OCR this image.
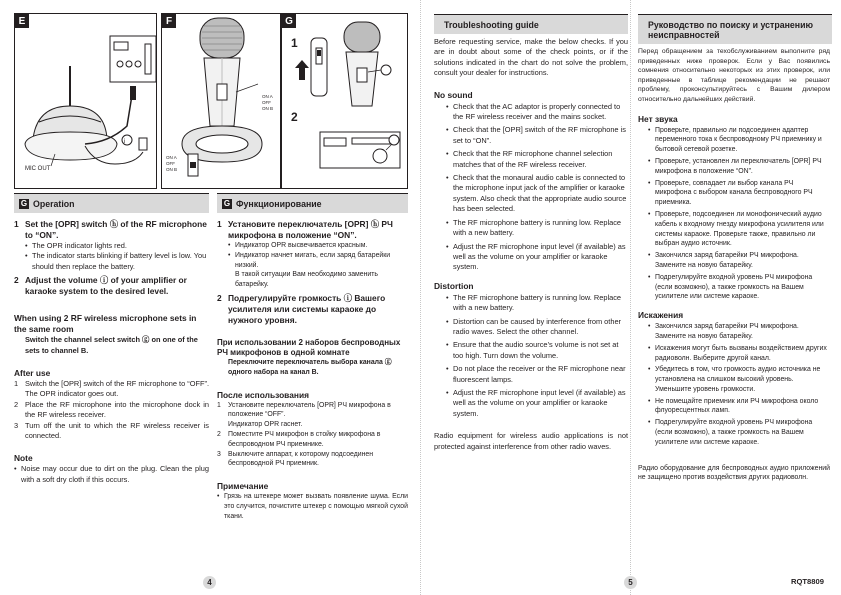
E
i
MIC OUT
F
ON A
OFF
ON B
ON A
OFF
ON B
G
1
2
G Operation
1 Set the [OPR] switch ⓗ of the RF microphone to “ON”.
• The OPR indicator lights red.
• The indicator starts blinking if battery level is low. You should then replace the battery.
2 Adjust the volume ⓘ of your amplifier or karaoke system to the desired level.
When using 2 RF wireless microphone sets in the same room
Switch the channel select switch ⓖ on one of the sets to channel B.
After use
1 Switch the [OPR] switch of the RF microphone to “OFF”.
The OPR indicator goes out.
2 Place the RF microphone into the microphone dock in the RF wireless receiver.
3 Turn off the unit to which the RF wireless receiver is connected.
Note
• Noise may occur due to dirt on the plug. Clean the plug with a soft dry cloth if this occurs.
G Функционирование
1 Установите переключатель [OPR] ⓗ РЧ микрофона в положение “ON”.
• Индикатор OPR высвечивается красным.
• Индикатор начнет мигать, если заряд батарейки низкий.
В такой ситуации Вам необходимо заменить батарейку.
2 Подрегулируйте громкость ⓘ Вашего усилителя или системы караоке до нужного уровня.
При использовании 2 наборов беспроводных РЧ микрофонов в одной комнате
Переключите переключатель выбора канала ⓖ одного набора на канал B.
После использования
1 Установите переключатель [OPR] РЧ микрофона в положение “OFF”.
Индикатор OPR гаснет.
2 Поместите РЧ микрофон в стойку микрофона в беспроводном РЧ приемнике.
3 Выключите аппарат, к которому подсоединен беспроводной РЧ приемник.
Примечание
• Грязь на штекере может вызвать появление шума. Если это случится, почистите штекер с помощью мягкой сухой ткани.
Troubleshooting guide
Before requesting service, make the below checks. If you are in doubt about some of the check points, or if the solutions indicated in the chart do not solve the problem, consult your dealer for instructions.
No sound
• Check that the AC adaptor is properly connected to the RF wireless receiver and the mains socket.
• Check that the [OPR] switch of the RF microphone is set to “ON”.
• Check that the RF microphone channel selection matches that of the RF wireless receiver.
• Check that the monaural audio cable is connected to the microphone input jack of the amplifier or karaoke system. Also check that the appropriate audio source has been selected.
• The RF microphone battery is running low. Replace with a new battery.
• Adjust the RF microphone input level (if available) as well as the volume on your amplifier or karaoke system.
Distortion
• The RF microphone battery is running low. Replace with a new battery.
• Distortion can be caused by interference from other radio waves. Select the other channel.
• Ensure that the audio source’s volume is not set at too high. Turn down the volume.
• Do not place the receiver or the RF microphone near fluorescent lamps.
• Adjust the RF microphone input level (if available) as well as the volume on your amplifier or karaoke system.
Radio equipment for wireless audio applications is not protected against interference from other radio waves.
Руководство по поиску и устранению неисправностей
Перед обращением за техобслуживанием выполните ряд приведенных ниже проверок. Если у Вас появились сомнения относительно некоторых из этих проверок, или приведенные в таблице рекомендации не решают проблему, проконсультируйтесь с Вашим дилером относительно дальнейших действий.
Нет звука
• Проверьте, правильно ли подсоединен адаптер переменного тока к беспроводному РЧ приемнику и бытовой сетевой розетке.
• Проверьте, установлен ли переключатель [OPR] РЧ микрофона в положение “ON”.
• Проверьте, совпадает ли выбор канала РЧ микрофона с выбором канала беспроводного РЧ приемника.
• Проверьте, подсоединен ли монофонический аудио кабель к входному гнезду микрофона усилителя или системы караоке. Проверьте также, правильно ли выбран аудио источник.
• Закончился заряд батарейки РЧ микрофона. Замените на новую батарейку.
• Подрегулируйте входной уровень РЧ микрофона (если возможно), а также громкость на Вашем усилителе или системе караоке.
Искажения
• Закончился заряд батарейки РЧ микрофона. Замените на новую батарейку.
• Искажения могут быть вызваны воздействием других радиоволн. Выберите другой канал.
• Убедитесь в том, что громкость аудио источника не установлена на слишком высокий уровень. Уменьшите уровень громкости.
• Не помещайте приемник или РЧ микрофона около флуоресцентных ламп.
• Подрегулируйте входной уровень РЧ микрофона (если возможно), а также громкость на Вашем усилителе или системе караоке.
Радио оборудование для беспроводных аудио приложений не защищено против воздействия других радиоволн.
4	5	RQT8809
